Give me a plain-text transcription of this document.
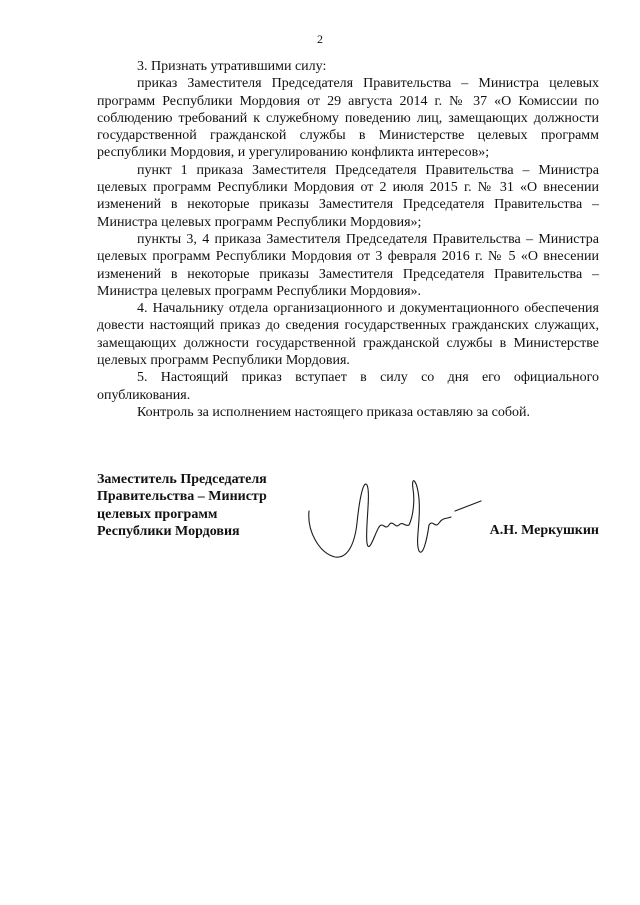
2

3. Признать утратившими силу:

приказ Заместителя Председателя Правительства – Министра целевых программ Республики Мордовия от 29 августа 2014 г. № 37 «О Комиссии по соблюдению требований к служебному поведению лиц, замещающих должности государственной гражданской службы в Министерстве целевых программ республики Мордовия, и урегулированию конфликта интересов»;

пункт 1 приказа Заместителя Председателя Правительства – Министра целевых программ Республики Мордовия от 2 июля 2015 г. № 31 «О внесении изменений в некоторые приказы Заместителя Председателя Правительства – Министра целевых программ Республики Мордовия»;

пункты 3, 4 приказа Заместителя Председателя Правительства – Министра целевых программ Республики Мордовия от 3 февраля 2016 г. № 5 «О внесении изменений в некоторые приказы Заместителя Председателя Правительства – Министра целевых программ Республики Мордовия».

4. Начальнику отдела организационного и документационного обеспечения довести настоящий приказ до сведения государственных гражданских служащих, замещающих должности государственной гражданской службы в Министерстве целевых программ Республики Мордовия.

5. Настоящий приказ вступает в силу со дня его официального опубликования.

Контроль за исполнением настоящего приказа оставляю за собой.

Заместитель Председателя
Правительства – Министр
целевых программ
Республики Мордовия	А.Н. Меркушкин
